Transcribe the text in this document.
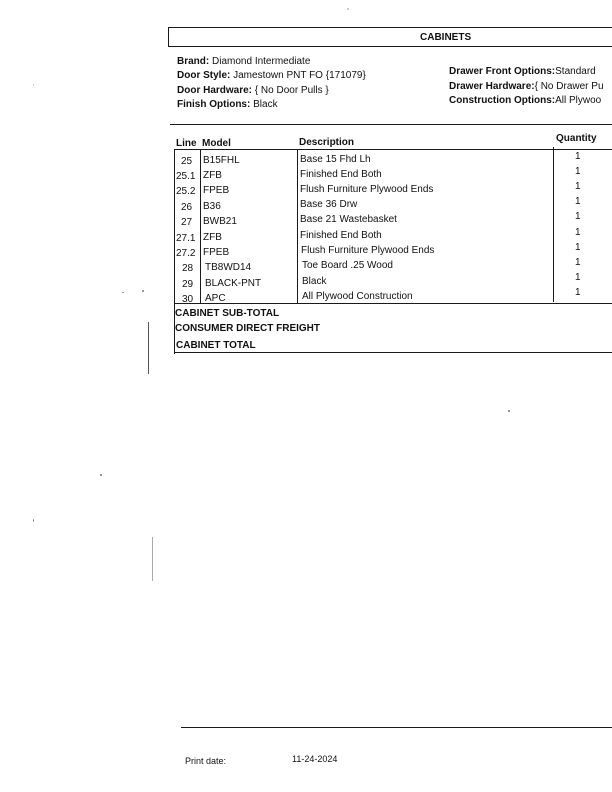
CABINETS
Brand: Diamond Intermediate
Door Style: Jamestown PNT FO {171079}
Door Hardware: { No Door Pulls }
Finish Options: Black
Drawer Front Options:Standard
Drawer Hardware:{ No Drawer Pu
Construction Options:All Plywoo
Line Model	Description	Quantity
25 B15FHL	Base 15 Fhd Lh	1
25.1 ZFB	Finished End Both	1
25.2 FPEB	Flush Furniture Plywood Ends	1
26 B36	Base 36 Drw	1
27 BWB21	Base 21 Wastebasket	1
27.1 ZFB	Finished End Both	1
27.2 FPEB	Flush Furniture Plywood Ends	1
28 TB8WD14	Toe Board .25 Wood	1
29 BLACK-PNT	Black	1
30 APC	All Plywood Construction	1
CABINET SUB-TOTAL
CONSUMER DIRECT FREIGHT
CABINET TOTAL
Print date:	11-24-2024
